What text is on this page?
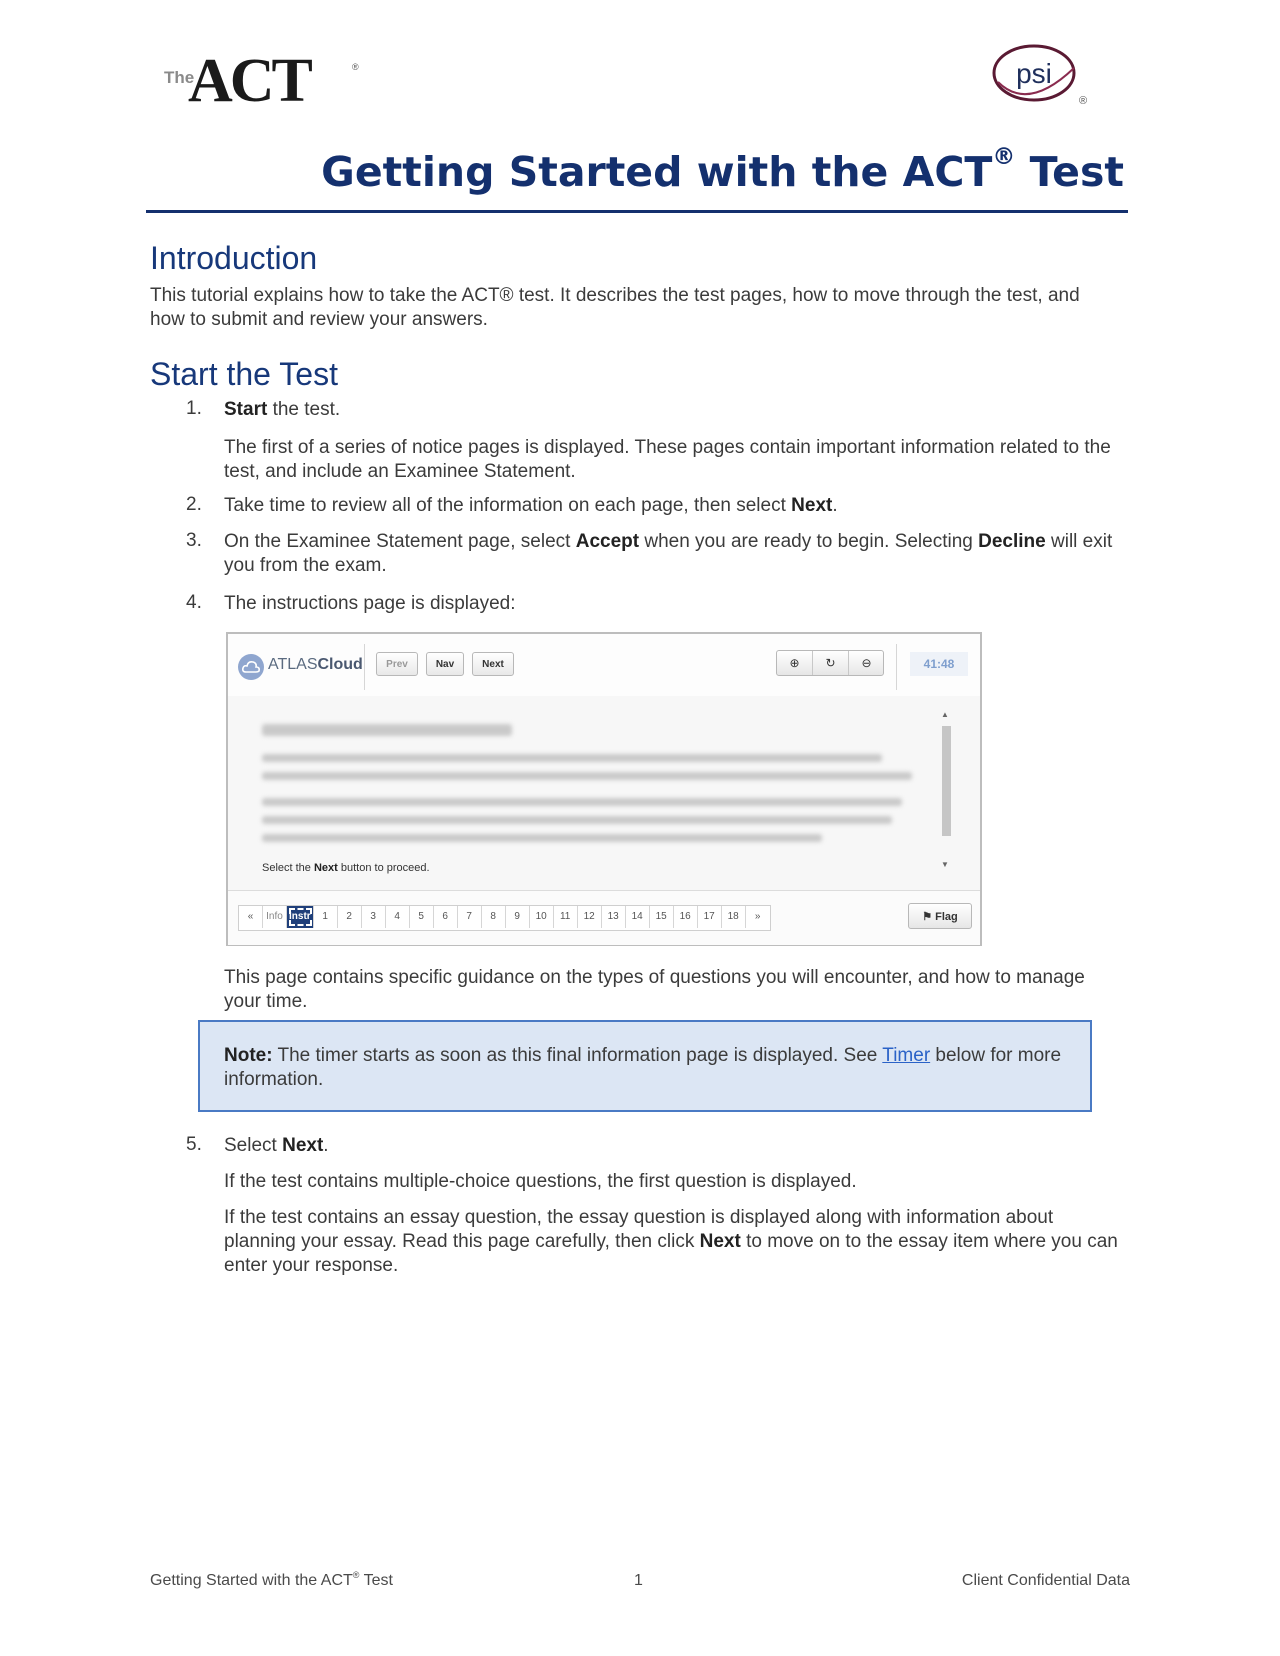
The
ACT	®	psi
®
Getting Started with the ACT® Test
Introduction
This tutorial explains how to take the ACT® test. It describes the test pages, how to move through the test, and how to submit and review your answers.
Start the Test
1. Start the test.
The first of a series of notice pages is displayed. These pages contain important information related to the test, and include an Examinee Statement.
2. Take time to review all of the information on each page, then select Next.
3. On the Examinee Statement page, select Accept when you are ready to begin. Selecting Decline will exit you from the exam.
4. The instructions page is displayed:
ATLASCloud	Prev	Nav	Next	⊕	↻	⊖	41:48
Select the Next button to proceed.
▲
▼
«	Info Instr	1	2	3	4	5	6	7	8	9	10	11	12	13	14	15	16	17	18	»	⚑ Flag
This page contains specific guidance on the types of questions you will encounter, and how to manage your time.
Note: The timer starts as soon as this final information page is displayed. See Timer below for more information.
5. Select Next.
If the test contains multiple-choice questions, the first question is displayed.
If the test contains an essay question, the essay question is displayed along with information about planning your essay. Read this page carefully, then click Next to move on to the essay item where you can enter your response.
Getting Started with the ACT® Test	1	Client Confidential Data
